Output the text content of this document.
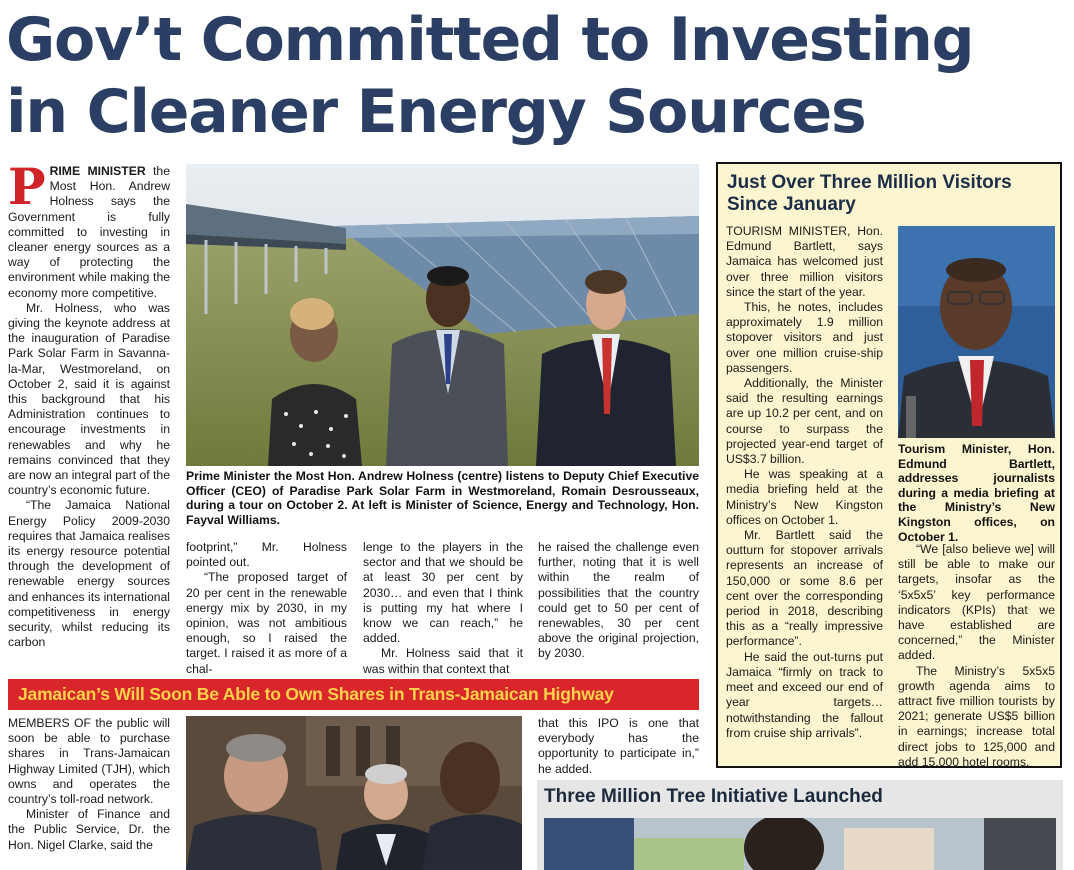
Gov’t Committed to Investing
in Cleaner Energy Sources

PRIME MINISTER the Most Hon. Andrew Holness says the Government is fully committed to investing in cleaner energy sources as a way of protecting the environment while making the economy more competitive.

Mr. Holness, who was giving the keynote address at the inauguration of Paradise Park Solar Farm in Savanna-la-Mar, Westmoreland, on October 2, said it is against this background that his Administration continues to encourage investments in renewables and why he remains convinced that they are now an integral part of the country’s economic future.

“The Jamaica National Energy Policy 2009-2030 requires that Jamaica realises its energy resource potential through the development of renewable energy sources and enhances its international competitiveness in energy security, whilst reducing its carbon

Prime Minister the Most Hon. Andrew Holness (centre) listens to Deputy Chief Executive Officer (CEO) of Paradise Park Solar Farm in Westmoreland, Romain Desrousseaux, during a tour on October 2. At left is Minister of Science, Energy and Technology, Hon. Fayval Williams.

footprint,” Mr. Holness pointed out.

“The proposed target of 20 per cent in the renewable energy mix by 2030, in my opinion, was not ambitious enough, so I raised the target. I raised it as more of a chal-

lenge to the players in the sector and that we should be at least 30 per cent by 2030… and even that I think is putting my hat where I know we can reach,” he added.

Mr. Holness said that it was within that context that

he raised the challenge even further, noting that it is well within the realm of possibilities that the country could get to 50 per cent of renewables, 30 per cent above the original projection, by 2030.

Just Over Three Million Visitors Since January

TOURISM MINISTER, Hon. Edmund Bartlett, says Jamaica has welcomed just over three million visitors since the start of the year.

This, he notes, includes approximately 1.9 million stopover visitors and just over one million cruise-ship passengers.

Additionally, the Minister said the resulting earnings are up 10.2 per cent, and on course to surpass the projected year-end target of US$3.7 billion.

He was speaking at a media briefing held at the Ministry’s New Kingston offices on October 1.

Mr. Bartlett said the outturn for stopover arrivals represents an increase of 150,000 or some 8.6 per cent over the corresponding period in 2018, describing this as a “really impressive performance”.

He said the out-turns put Jamaica “firmly on track to meet and exceed our end of year targets… notwithstanding the fallout from cruise ship arrivals”.

Tourism Minister, Hon. Edmund Bartlett, addresses journalists during a media briefing at the Ministry’s New Kingston offices, on October 1.

“We [also believe we] will still be able to make our targets, insofar as the ‘5x5x5’ key performance indicators (KPIs) that we have established are concerned,” the Minister added.

The Ministry’s 5x5x5 growth agenda aims to attract five million tourists by 2021; generate US$5 billion in earnings; increase total direct jobs to 125,000 and add 15,000 hotel rooms.

Jamaican’s Will Soon Be Able to Own Shares in Trans-Jamaican Highway

MEMBERS OF the public will soon be able to purchase shares in Trans-Jamaican Highway Limited (TJH), which owns and operates the country’s toll-road network.

Minister of Finance and the Public Service, Dr. the Hon. Nigel Clarke, said the

that this IPO is one that everybody has the opportunity to participate in,” he added.

Three Million Tree Initiative Launched
